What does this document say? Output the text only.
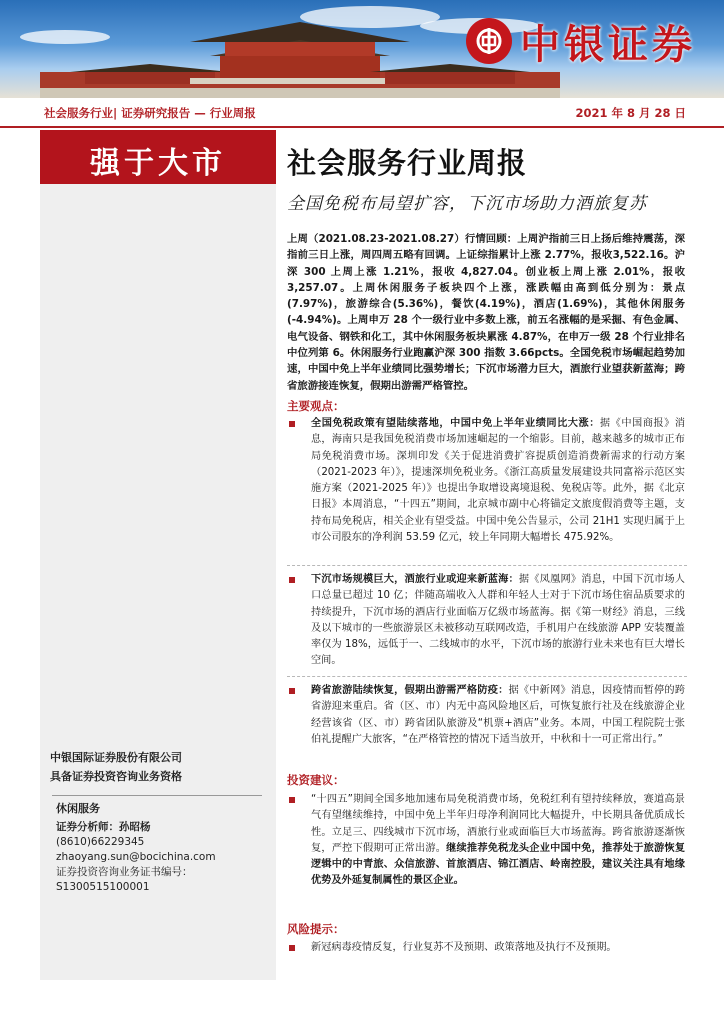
中银证券
社会服务行业| 证券研究报告 — 行业周报	2021 年 8 月 28 日
强于大市
中银国际证券股份有限公司
具备证券投资咨询业务资格
休闲服务
证券分析师：孙昭杨
(8610)66229345
zhaoyang.sun@bocichina.com
证券投资咨询业务证书编号：S1300515100001
社会服务行业周报
全国免税布局望扩容，下沉市场助力酒旅复苏
上周（2021.08.23-2021.08.27）行情回顾：上周沪指前三日上扬后维持震荡，深指前三日上涨，周四周五略有回调。上证综指累计上涨 2.77%，报收3,522.16。沪深 300 上周上涨 1.21%，报收 4,827.04。创业板上周上涨 2.01%，报收 3,257.07。上周休闲服务子板块四个上涨，涨跌幅由高到低分别为：景点(7.97%)，旅游综合(5.36%)，餐饮(4.19%)，酒店(1.69%)，其他休闲服务(-4.94%)。上周申万 28 个一级行业中多数上涨，前五名涨幅的是采掘、有色金属、电气设备、钢铁和化工，其中休闲服务板块累涨 4.87%，在申万一级 28 个行业排名中位列第 6。休闲服务行业跑赢沪深 300 指数 3.66pcts。全国免税市场崛起趋势加速，中国中免上半年业绩同比强势增长；下沉市场潜力巨大，酒旅行业望获新蓝海；跨省旅游接连恢复，假期出游需严格管控。
主要观点：
全国免税政策有望陆续落地，中国中免上半年业绩同比大涨：据《中国商报》消息，海南只是我国免税消费市场加速崛起的一个缩影。目前，越来越多的城市正布局免税消费市场。深圳印发《关于促进消费扩容提质创造消费新需求的行动方案（2021-2023 年）》，提速深圳免税业务。《浙江高质量发展建设共同富裕示范区实施方案（2021-2025 年）》也提出争取增设离境退税、免税店等。此外，据《北京日报》本周消息，“十四五”期间，北京城市副中心将锚定文旅度假消费等主题，支持布局免税店，相关企业有望受益。中国中免公告显示，公司 21H1 实现归属于上市公司股东的净利润 53.59 亿元，较上年同期大幅增长 475.92%。
下沉市场规模巨大，酒旅行业或迎来新蓝海：据《凤凰网》消息，中国下沉市场人口总量已超过 10 亿；伴随高端收入人群和年轻人士对于下沉市场住宿品质要求的持续提升，下沉市场的酒店行业面临万亿级市场蓝海。据《第一财经》消息，三线及以下城市的一些旅游景区未被移动互联网改造，手机用户在线旅游 APP 安装覆盖率仅为 18%，远低于一、二线城市的水平，下沉市场的旅游行业未来也有巨大增长空间。
跨省旅游陆续恢复，假期出游需严格防疫：据《中新网》消息，因疫情而暂停的跨省游迎来重启。省（区、市）内无中高风险地区后，可恢复旅行社及在线旅游企业经营该省（区、市）跨省团队旅游及“机票+酒店”业务。本周，中国工程院院士张伯礼提醒广大旅客，“在严格管控的情况下适当放开，中秋和十一可正常出行。”
投资建议：
“十四五”期间全国多地加速布局免税消费市场，免税红利有望持续释放，赛道高景气有望继续维持，中国中免上半年归母净利润同比大幅提升，中长期具备优质成长性。立足三、四线城市下沉市场，酒旅行业或面临巨大市场蓝海。跨省旅游逐渐恢复，严控下假期可正常出游。继续推荐免税龙头企业中国中免，推荐处于旅游恢复逻辑中的中青旅、众信旅游、首旅酒店、锦江酒店、岭南控股，建议关注具有地缘优势及外延复制属性的景区企业。
风险提示：
新冠病毒疫情反复，行业复苏不及预期、政策落地及执行不及预期。
